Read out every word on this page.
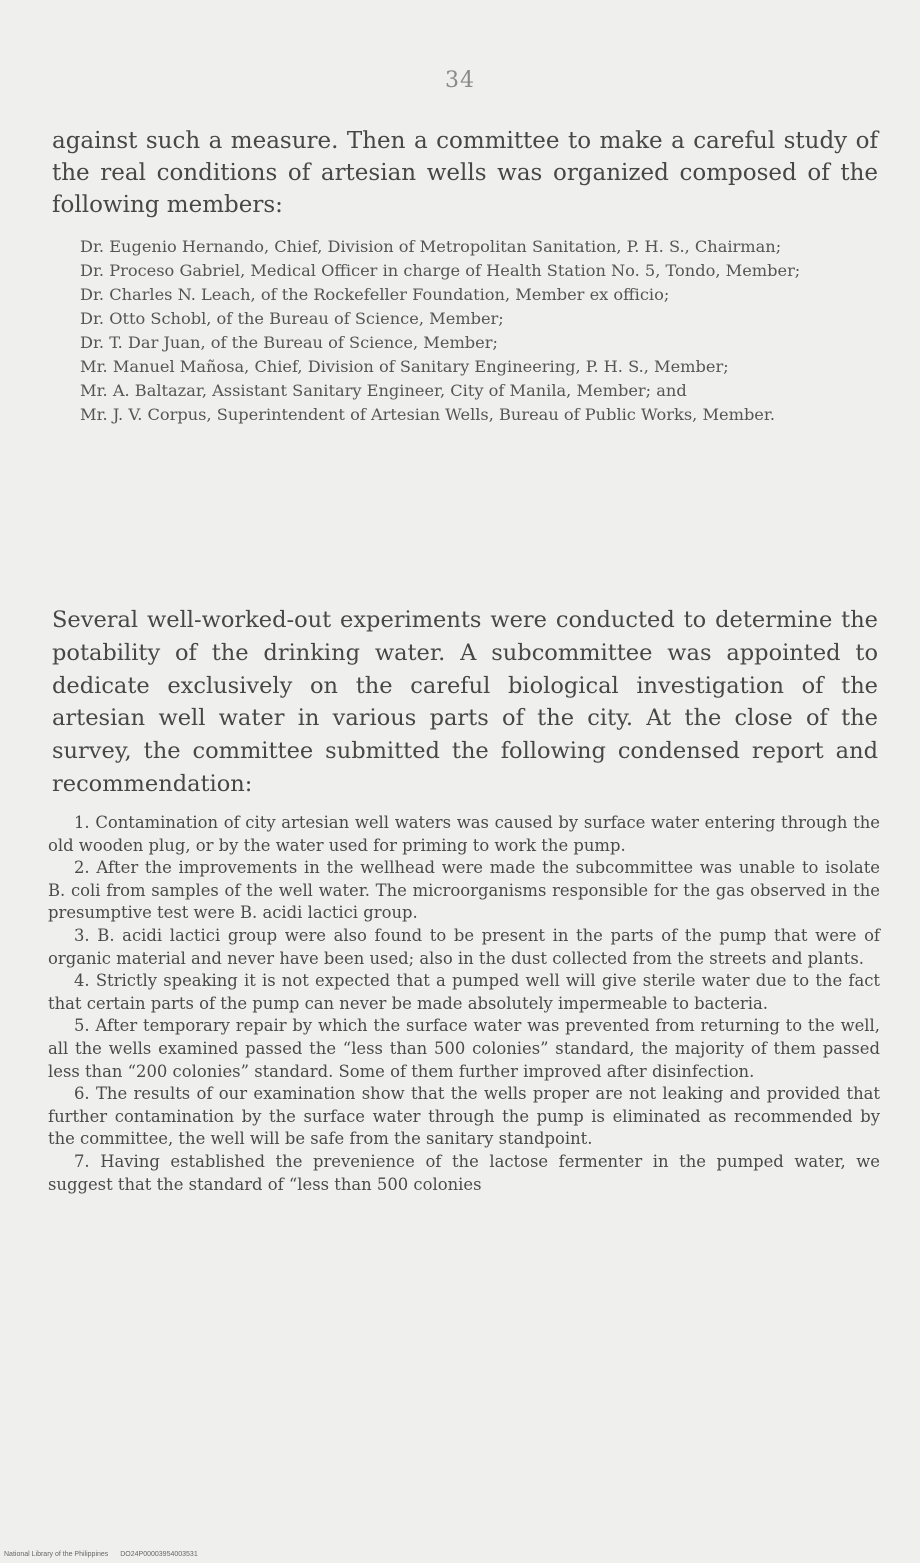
34
against such a measure. Then a committee to make a careful study of the real conditions of artesian wells was organized composed of the following members:

Dr. Eugenio Hernando, Chief, Division of Metropolitan Sanitation, P. H. S., Chairman;

Dr. Proceso Gabriel, Medical Officer in charge of Health Station No. 5, Tondo, Member;

Dr. Charles N. Leach, of the Rockefeller Foundation, Member ex officio;

Dr. Otto Schobl, of the Bureau of Science, Member;

Dr. T. Dar Juan, of the Bureau of Science, Member;

Mr. Manuel Mañosa, Chief, Division of Sanitary Engineering, P. H. S., Member;

Mr. A. Baltazar, Assistant Sanitary Engineer, City of Manila, Member; and

Mr. J. V. Corpus, Superintendent of Artesian Wells, Bureau of Public Works, Member.

Several well-worked-out experiments were conducted to determine the potability of the drinking water. A subcommittee was appointed to dedicate exclusively on the careful biological investigation of the artesian well water in various parts of the city. At the close of the survey, the committee submitted the following condensed report and recommendation:

1. Contamination of city artesian well waters was caused by surface water entering through the old wooden plug, or by the water used for priming to work the pump.

2. After the improvements in the wellhead were made the subcommittee was unable to isolate B. coli from samples of the well water. The microorganisms responsible for the gas observed in the presumptive test were B. acidi lactici group.

3. B. acidi lactici group were also found to be present in the parts of the pump that were of organic material and never have been used; also in the dust collected from the streets and plants.

4. Strictly speaking it is not expected that a pumped well will give sterile water due to the fact that certain parts of the pump can never be made absolutely impermeable to bacteria.

5. After temporary repair by which the surface water was prevented from returning to the well, all the wells examined passed the “less than 500 colonies” standard, the majority of them passed less than “200 colonies” standard. Some of them further improved after disinfection.

6. The results of our examination show that the wells proper are not leaking and provided that further contamination by the surface water through the pump is eliminated as recommended by the committee, the well will be safe from the sanitary standpoint.

7. Having established the prevenience of the lactose fermenter in the pumped water, we suggest that the standard of “less than 500 colonies

National Library of the Philippines DO24P00003954003531
